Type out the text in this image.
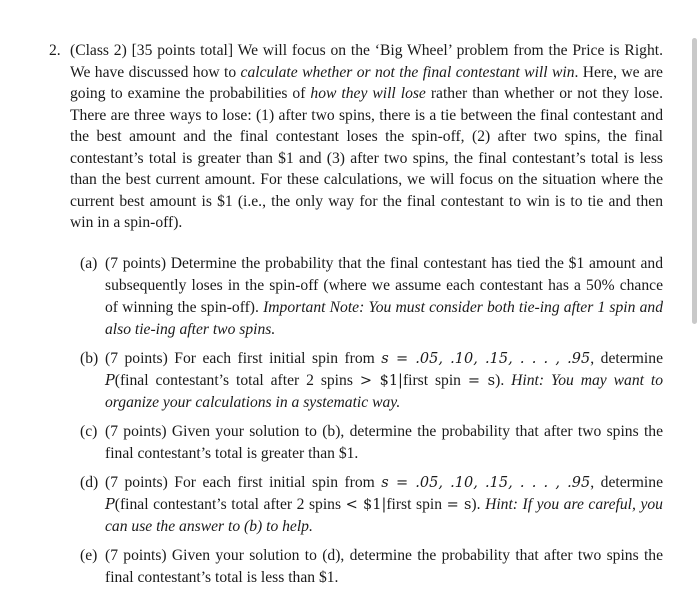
2. (Class 2) [35 points total] We will focus on the ‘Big Wheel’ problem from the Price is Right. We have discussed how to calculate whether or not the final contestant will win. Here, we are going to examine the probabilities of how they will lose rather than whether or not they lose. There are three ways to lose: (1) after two spins, there is a tie between the final contestant and the best amount and the final contestant loses the spin-off, (2) after two spins, the final contestant’s total is greater than $1 and (3) after two spins, the final contestant’s total is less than the best current amount. For these calculations, we will focus on the situation where the current best amount is $1 (i.e., the only way for the final contestant to win is to tie and then win in a spin-off).
(a) (7 points) Determine the probability that the final contestant has tied the $1 amount and subsequently loses in the spin-off (where we assume each contestant has a 50% chance of winning the spin-off). Important Note: You must consider both tie-ing after 1 spin and also tie-ing after two spins.
(b) (7 points) For each first initial spin from s = .05, .10, .15, . . . , .95, determine P(final contestant’s total after 2 spins > $1|first spin = s). Hint: You may want to organize your calculations in a systematic way.
(c) (7 points) Given your solution to (b), determine the probability that after two spins the final contestant’s total is greater than $1.
(d) (7 points) For each first initial spin from s = .05, .10, .15, . . . , .95, determine P(final contestant’s total after 2 spins < $1|first spin = s). Hint: If you are careful, you can use the answer to (b) to help.
(e) (7 points) Given your solution to (d), determine the probability that after two spins the final contestant’s total is less than $1.
